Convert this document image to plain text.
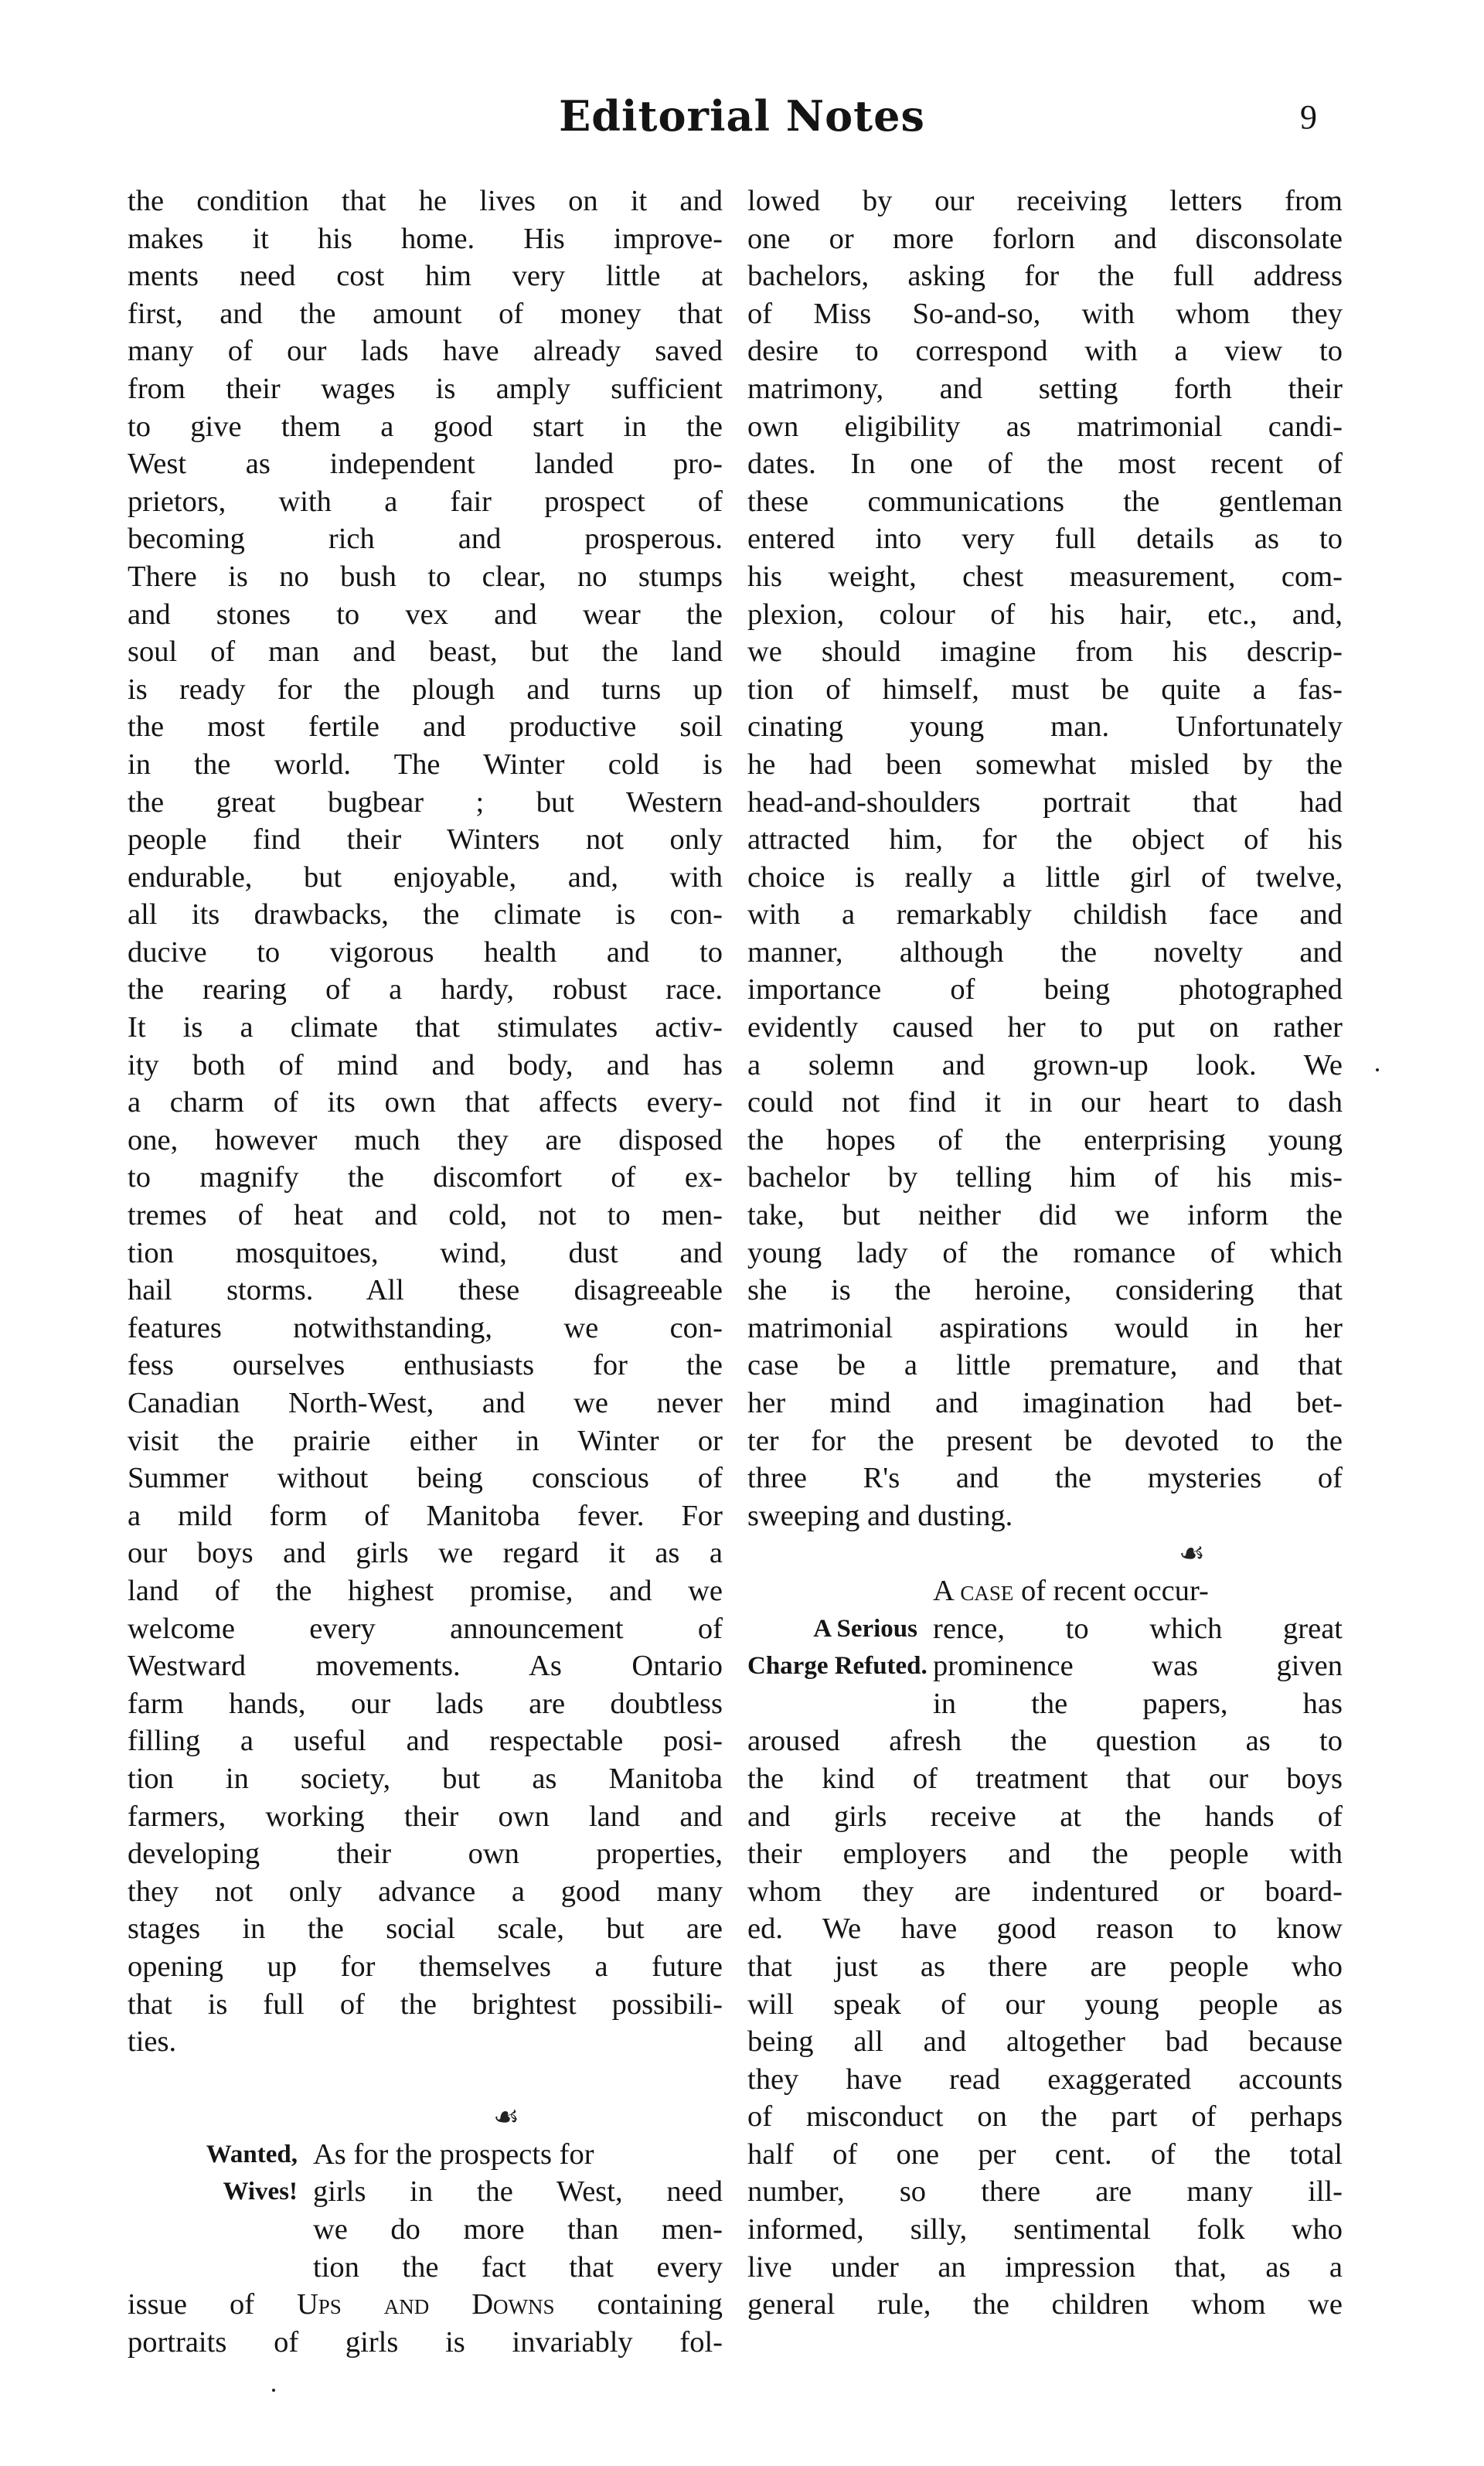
Editorial Notes	9

the condition that he lives on it and

makes it his home. His improve-

ments need cost him very little at

first, and the amount of money that

many of our lads have already saved

from their wages is amply sufficient

to give them a good start in the

West as independent landed pro-

prietors, with a fair prospect of

becoming rich and prosperous.

There is no bush to clear, no stumps

and stones to vex and wear the

soul of man and beast, but the land

is ready for the plough and turns up

the most fertile and productive soil

in the world. The Winter cold is

the great bugbear ; but Western

people find their Winters not only

endurable, but enjoyable, and, with

all its drawbacks, the climate is con-

ducive to vigorous health and to

the rearing of a hardy, robust race.

It is a climate that stimulates activ-

ity both of mind and body, and has

a charm of its own that affects every-

one, however much they are disposed

to magnify the discomfort of ex-

tremes of heat and cold, not to men-

tion mosquitoes, wind, dust and

hail storms. All these disagreeable

features notwithstanding, we con-

fess ourselves enthusiasts for the

Canadian North-West, and we never

visit the prairie either in Winter or

Summer without being conscious of

a mild form of Manitoba fever. For

our boys and girls we regard it as a

land of the highest promise, and we

welcome every announcement of

Westward movements. As Ontario

farm hands, our lads are doubtless

filling a useful and respectable posi-

tion in society, but as Manitoba

farmers, working their own land and

developing their own properties,

they not only advance a good many

stages in the social scale, but are

opening up for themselves a future

that is full of the brightest possibili-

ties.

☙
Wanted,
Wives!

As for the prospects for

girls in the West, need

we do more than men-

tion the fact that every

issue of Ups and Downs containing

portraits of girls is invariably fol-

lowed by our receiving letters from

one or more forlorn and disconsolate

bachelors, asking for the full address

of Miss So-and-so, with whom they

desire to correspond with a view to

matrimony, and setting forth their

own eligibility as matrimonial candi-

dates. In one of the most recent of

these communications the gentleman

entered into very full details as to

his weight, chest measurement, com-

plexion, colour of his hair, etc., and,

we should imagine from his descrip-

tion of himself, must be quite a fas-

cinating young man. Unfortunately

he had been somewhat misled by the

head-and-shoulders portrait that had

attracted him, for the object of his

choice is really a little girl of twelve,

with a remarkably childish face and

manner, although the novelty and

importance of being photographed

evidently caused her to put on rather

a solemn and grown-up look. We

could not find it in our heart to dash

the hopes of the enterprising young

bachelor by telling him of his mis-

take, but neither did we inform the

young lady of the romance of which

she is the heroine, considering that

matrimonial aspirations would in her

case be a little premature, and that

her mind and imagination had bet-

ter for the present be devoted to the

three R's and the mysteries of

sweeping and dusting.

☙
A Serious
Charge Refuted.

A case of recent occur-

rence, to which great

prominence was given

in the papers, has

aroused afresh the question as to

the kind of treatment that our boys

and girls receive at the hands of

their employers and the people with

whom they are indentured or board-

ed. We have good reason to know

that just as there are people who

will speak of our young people as

being all and altogether bad because

they have read exaggerated accounts

of misconduct on the part of perhaps

half of one per cent. of the total

number, so there are many ill-

informed, silly, sentimental folk who

live under an impression that, as a

general rule, the children whom we
